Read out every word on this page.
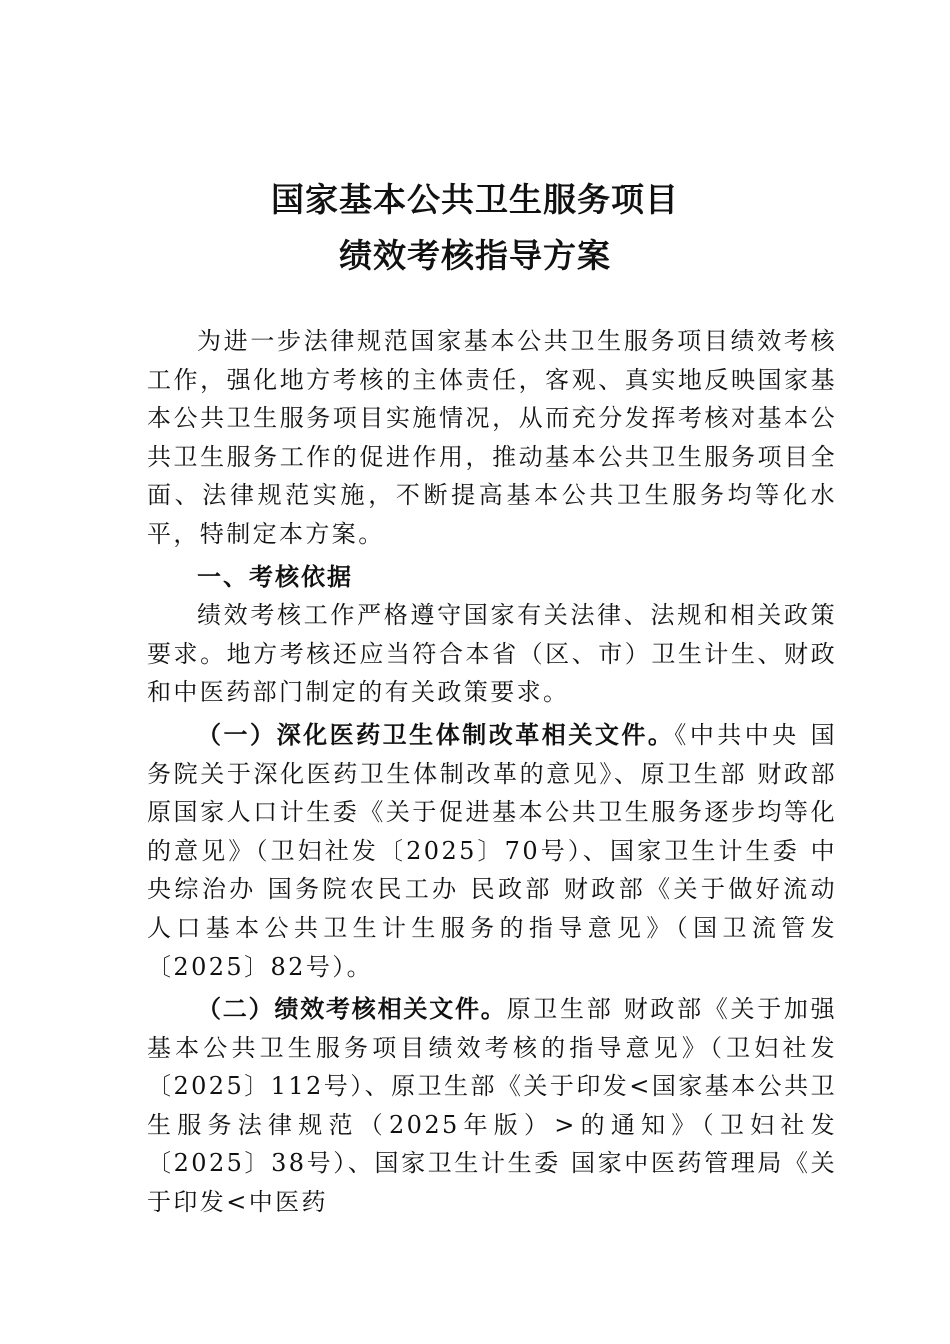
国家基本公共卫生服务项目
绩效考核指导方案

为进一步法律规范国家基本公共卫生服务项目绩效考核工作，强化地方考核的主体责任，客观、真实地反映国家基本公共卫生服务项目实施情况，从而充分发挥考核对基本公共卫生服务工作的促进作用，推动基本公共卫生服务项目全面、法律规范实施，不断提高基本公共卫生服务均等化水平，特制定本方案。

一、考核依据

绩效考核工作严格遵守国家有关法律、法规和相关政策要求。地方考核还应当符合本省（区、市）卫生计生、财政和中医药部门制定的有关政策要求。

（一）深化医药卫生体制改革相关文件。《中共中央 国务院关于深化医药卫生体制改革的意见》、原卫生部 财政部 原国家人口计生委《关于促进基本公共卫生服务逐步均等化的意见》（卫妇社发〔2025〕70号）、国家卫生计生委 中央综治办 国务院农民工办 民政部 财政部《关于做好流动人口基本公共卫生计生服务的指导意见》（国卫流管发〔2025〕82号）。

（二）绩效考核相关文件。原卫生部 财政部《关于加强基本公共卫生服务项目绩效考核的指导意见》（卫妇社发〔2025〕112号）、原卫生部《关于印发<国家基本公共卫生服务法律规范（2025年版）>的通知》（卫妇社发〔2025〕38号）、国家卫生计生委 国家中医药管理局《关于印发<中医药
